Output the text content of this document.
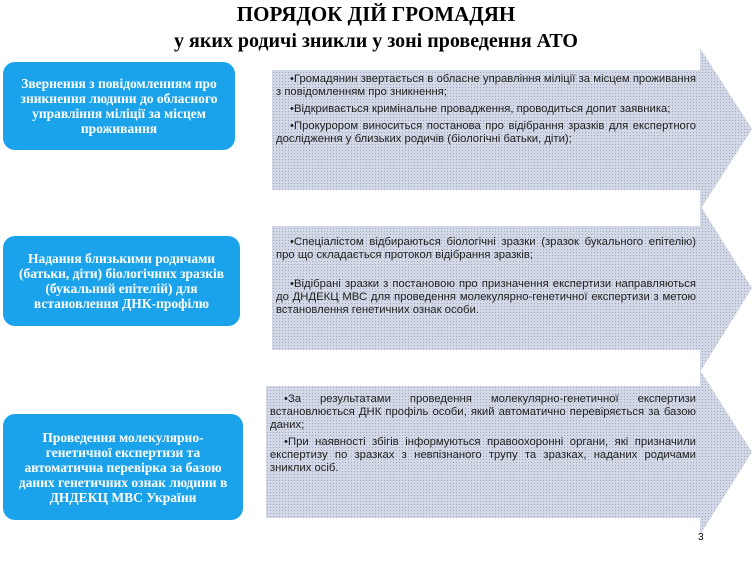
ПОРЯДОК ДІЙ ГРОМАДЯН
у яких родичі зникли у зоні проведення АТО
Звернення з повідомленням про зникнення людини до обласного управління міліції за місцем проживання
Надання близькими родичами (батьки, діти) біологічних зразків (букальний епітелій) для встановлення ДНК-профілю
Проведення молекулярно-генетичної експертизи та автоматична перевірка за базою даних генетичних ознак людини в ДНДЕКЦ МВС України

•Громадянин звертається в обласне управління міліції за місцем проживання з повідомленням про зникнення;

•Відкривається кримінальне провадження, проводиться допит заявника;

•Прокурором виноситься постанова про відібрання зразків для експертного дослідження у близьких родичів (біологічні батьки, діти);

•Спеціалістом відбираються біологічні зразки (зразок букального епітелію) про що складається протокол відібрання зразків;

•Відібрані зразки з постановою про призначення експертизи направляються до ДНДЕКЦ МВС для проведення молекулярно-генетичної експертизи з метою встановлення генетичних ознак особи.

•За результатами проведення молекулярно-генетичної експертизи встановлюється ДНК профіль особи, який автоматично перевіряється за базою даних;

•При наявності збігів інформуються правоохоронні органи, які призначили експертизу по зразках з невпізнаного трупу та зразках, наданих родичами зниклих осіб.

3
